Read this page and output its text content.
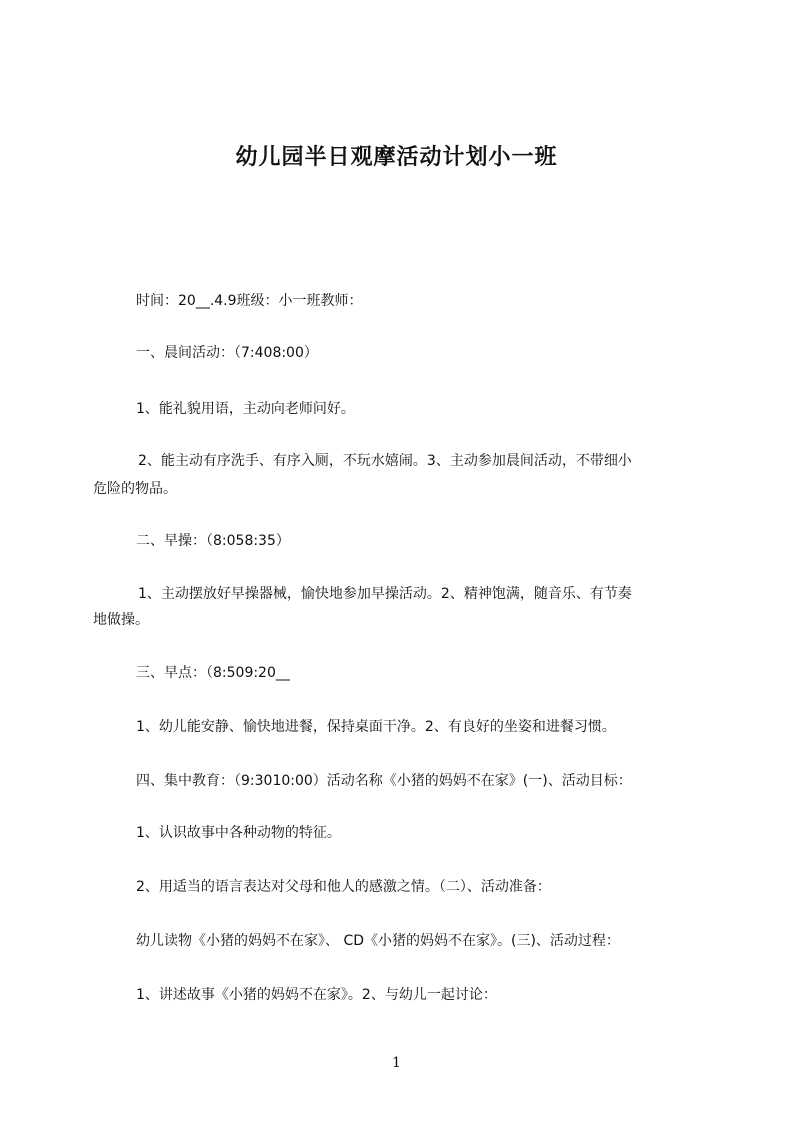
幼儿园半日观摩活动计划小一班
时间：20__.4.9班级：小一班教师：
一、晨间活动：（7:408:00）
1、能礼貌用语，主动向老师问好。
2、能主动有序洗手、有序入厕，不玩水嬉闹。3、主动参加晨间活动，不带细小
危险的物品。
二、早操：（8:058:35）
1、主动摆放好早操器械，愉快地参加早操活动。2、精神饱满，随音乐、有节奏
地做操。
三、早点：（8:509:20__
1、幼儿能安静、愉快地进餐，保持桌面干净。2、有良好的坐姿和进餐习惯。
四、集中教育：（9:3010:00）活动名称《小猪的妈妈不在家》(一)、活动目标：
1、认识故事中各种动物的特征。
2、用适当的语言表达对父母和他人的感激之情。（二）、活动准备：
幼儿读物《小猪的妈妈不在家》、 CD《小猪的妈妈不在家》。(三)、活动过程：
1、讲述故事《小猪的妈妈不在家》。2、与幼儿一起讨论：
1
